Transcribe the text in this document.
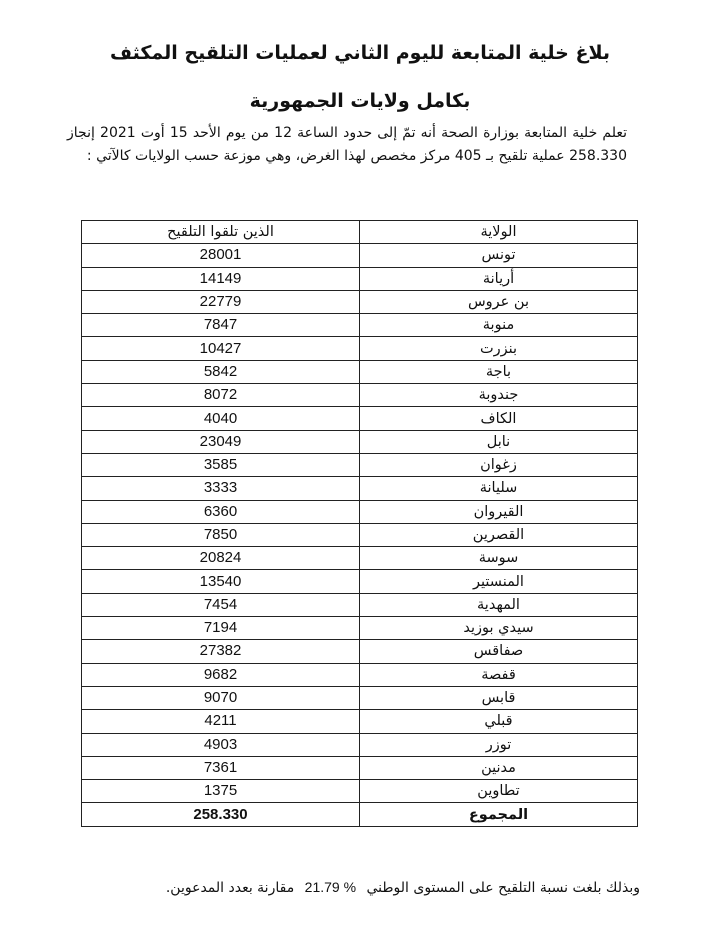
بلاغ خلية المتابعة لليوم الثاني لعمليات التلقيح المكثف
بكامل ولايات الجمهورية
تعلم خلية المتابعة بوزارة الصحة أنه تمّ إلى حدود الساعة 12 من يوم الأحد 15 أوت 2021 إنجاز 258.330 عملية تلقيح بـ 405 مركز مخصص لهذا الغرض، وهي موزعة حسب الولايات كالآتي :
الولاية	الذين تلقوا التلقيح
تونس	28001
أريانة	14149
بن عروس	22779
منوبة	7847
بنزرت	10427
باجة	5842
جندوبة	8072
الكاف	4040
نابل	23049
زغوان	3585
سليانة	3333
القيروان	6360
القصرين	7850
سوسة	20824
المنستير	13540
المهدية	7454
سيدي بوزيد	7194
صفاقس	27382
قفصة	9682
قابس	9070
قبلي	4211
توزر	4903
مدنين	7361
تطاوين	1375
المجموع	258.330
وبذلك بلغت نسبة التلقيح على المستوى الوطني 21.79 % مقارنة بعدد المدعوين.
